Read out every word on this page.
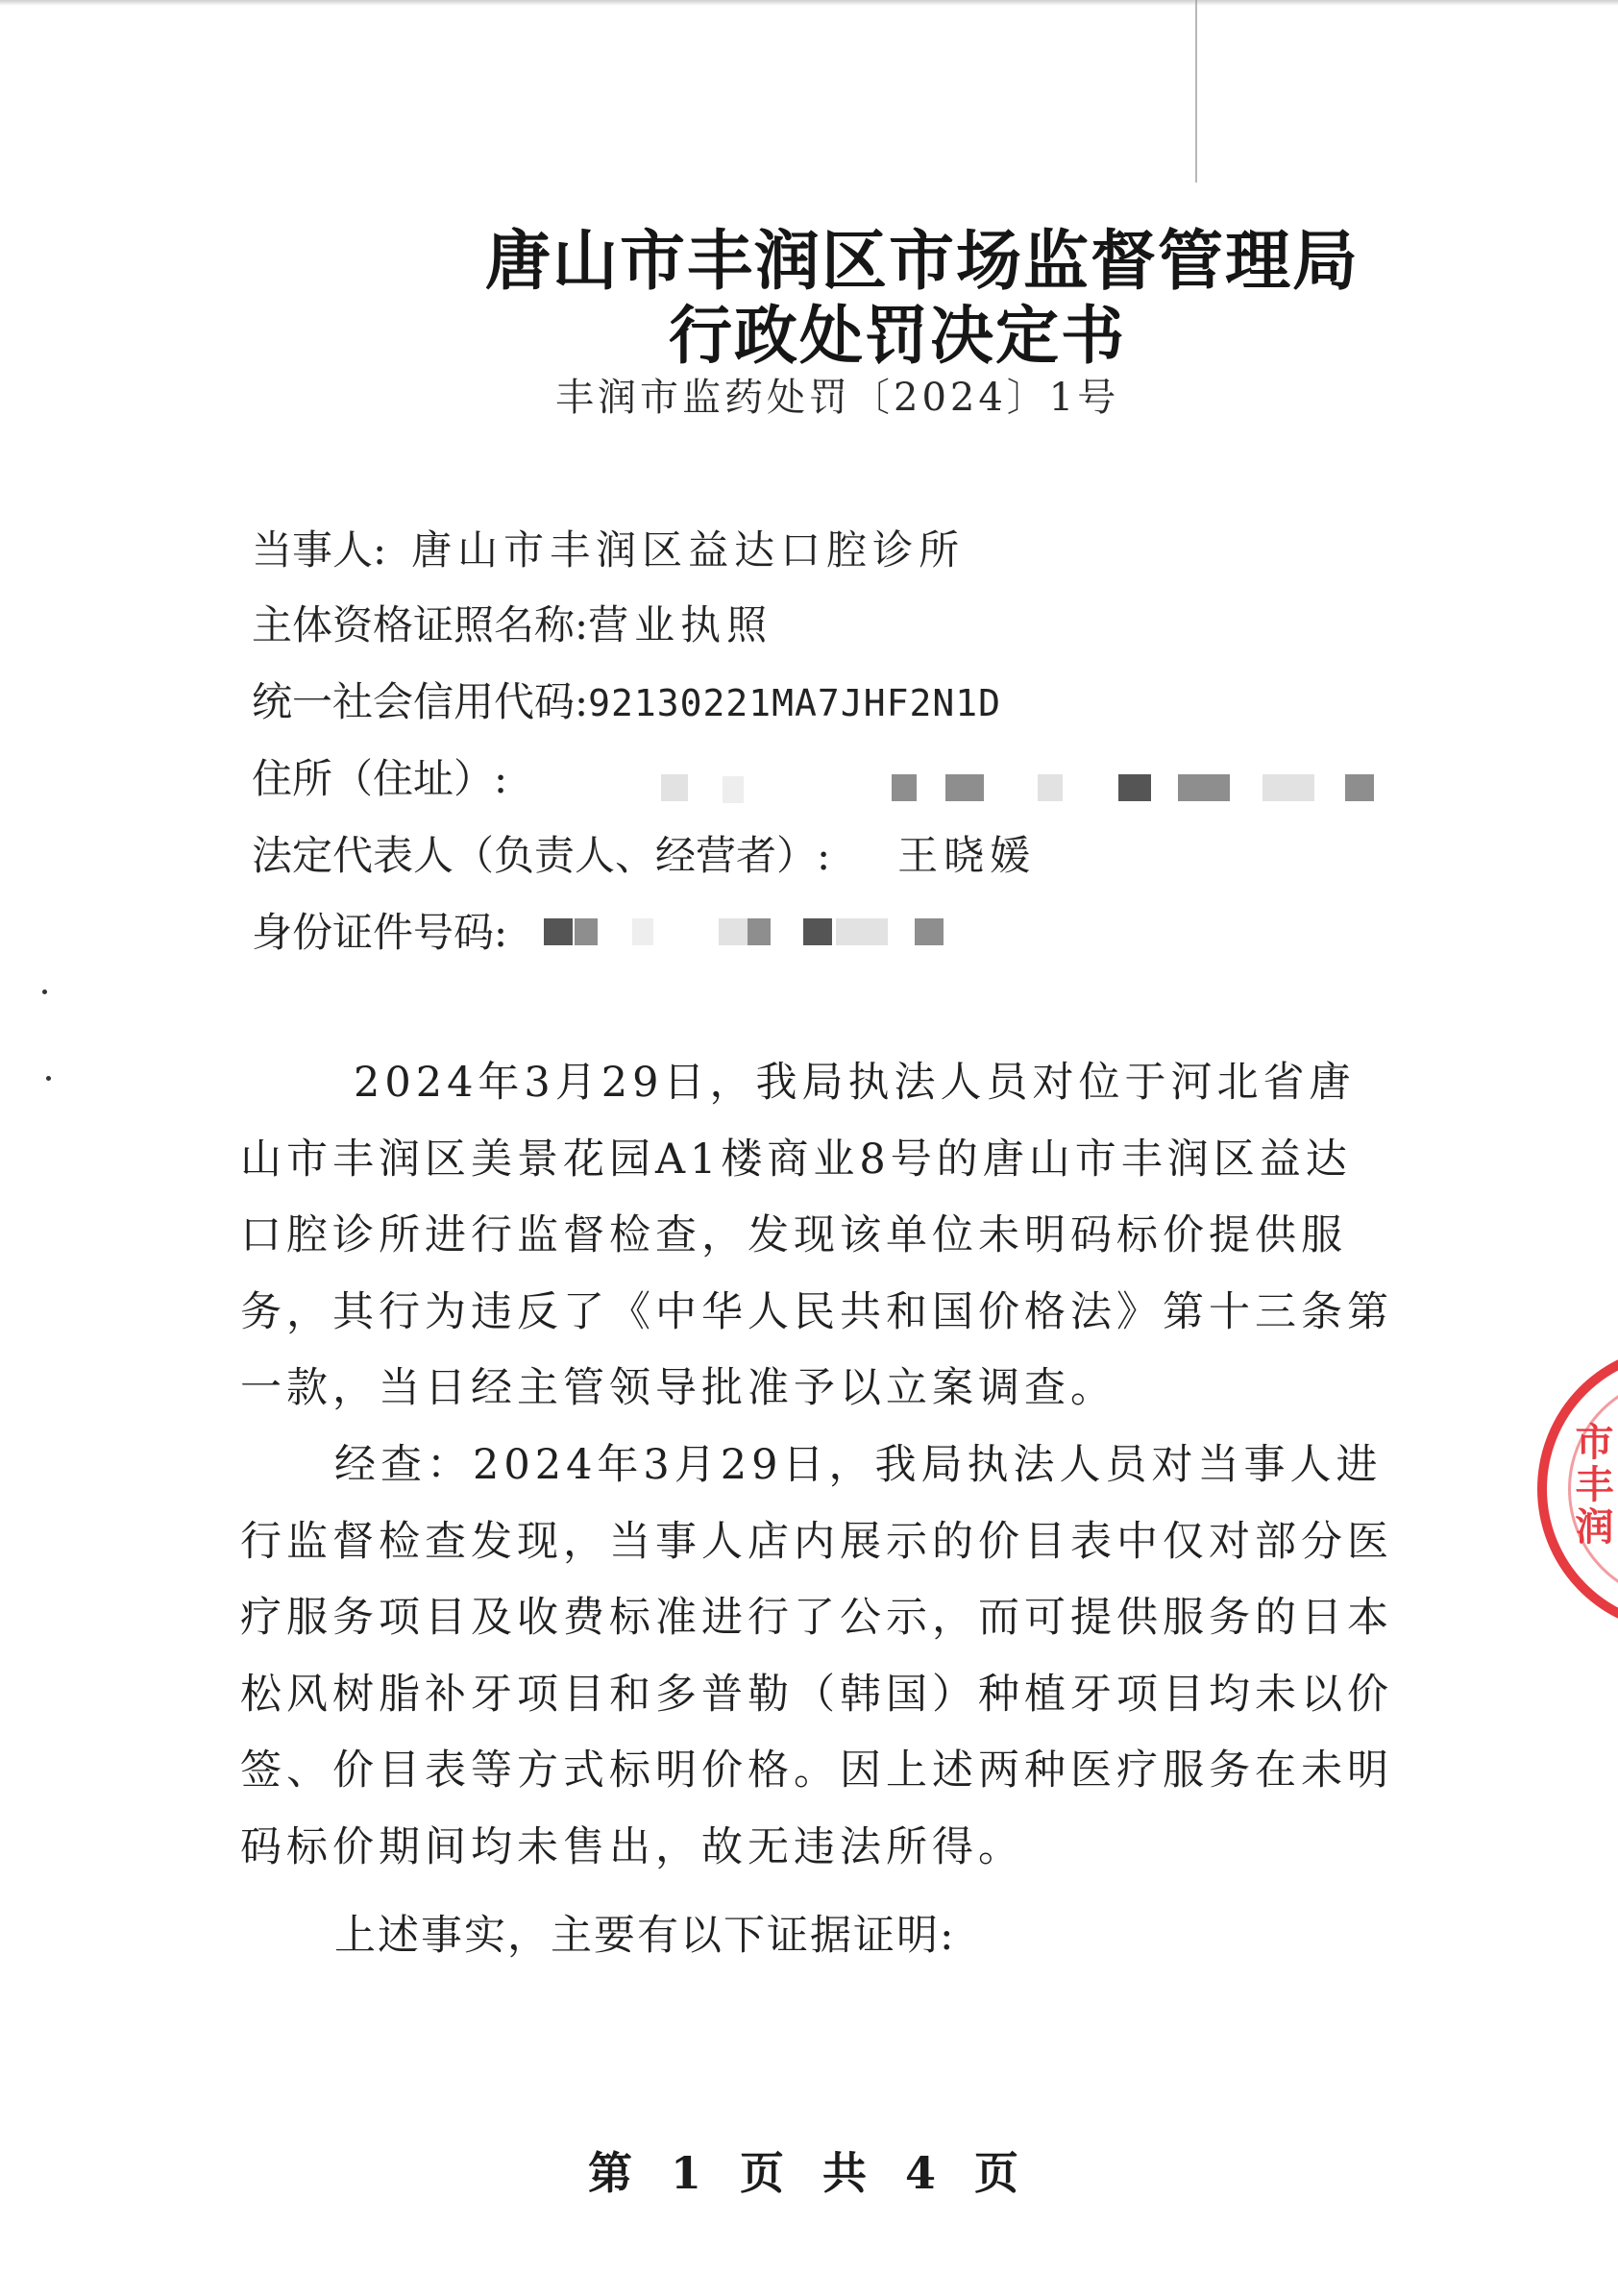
唐山市丰润区市场监督管理局
行政处罚决定书
丰润市监药处罚〔2024〕1号
当事人: 唐山市丰润区益达口腔诊所
主体资格证照名称:营业执照
统一社会信用代码:92130221MA7JHF2N1D
住所（住址）:
法定代表人（负责人、经营者）: 王晓媛
身份证件号码:

2024年3月29日，我局执法人员对位于河北省唐山市丰润区美景花园A1楼商业8号的唐山市丰润区益达口腔诊所进行监督检查，发现该单位未明码标价提供服务，其行为违反了《中华人民共和国价格法》第十三条第一款，当日经主管领导批准予以立案调查。

经查：2024年3月29日，我局执法人员对当事人进行监督检查发现，当事人店内展示的价目表中仅对部分医疗服务项目及收费标准进行了公示，而可提供服务的日本松风树脂补牙项目和多普勒（韩国）种植牙项目均未以价签、价目表等方式标明价格。因上述两种医疗服务在未明码标价期间均未售出，故无违法所得。

上述事实，主要有以下证据证明:

第 1 页 共 4 页
市丰润
